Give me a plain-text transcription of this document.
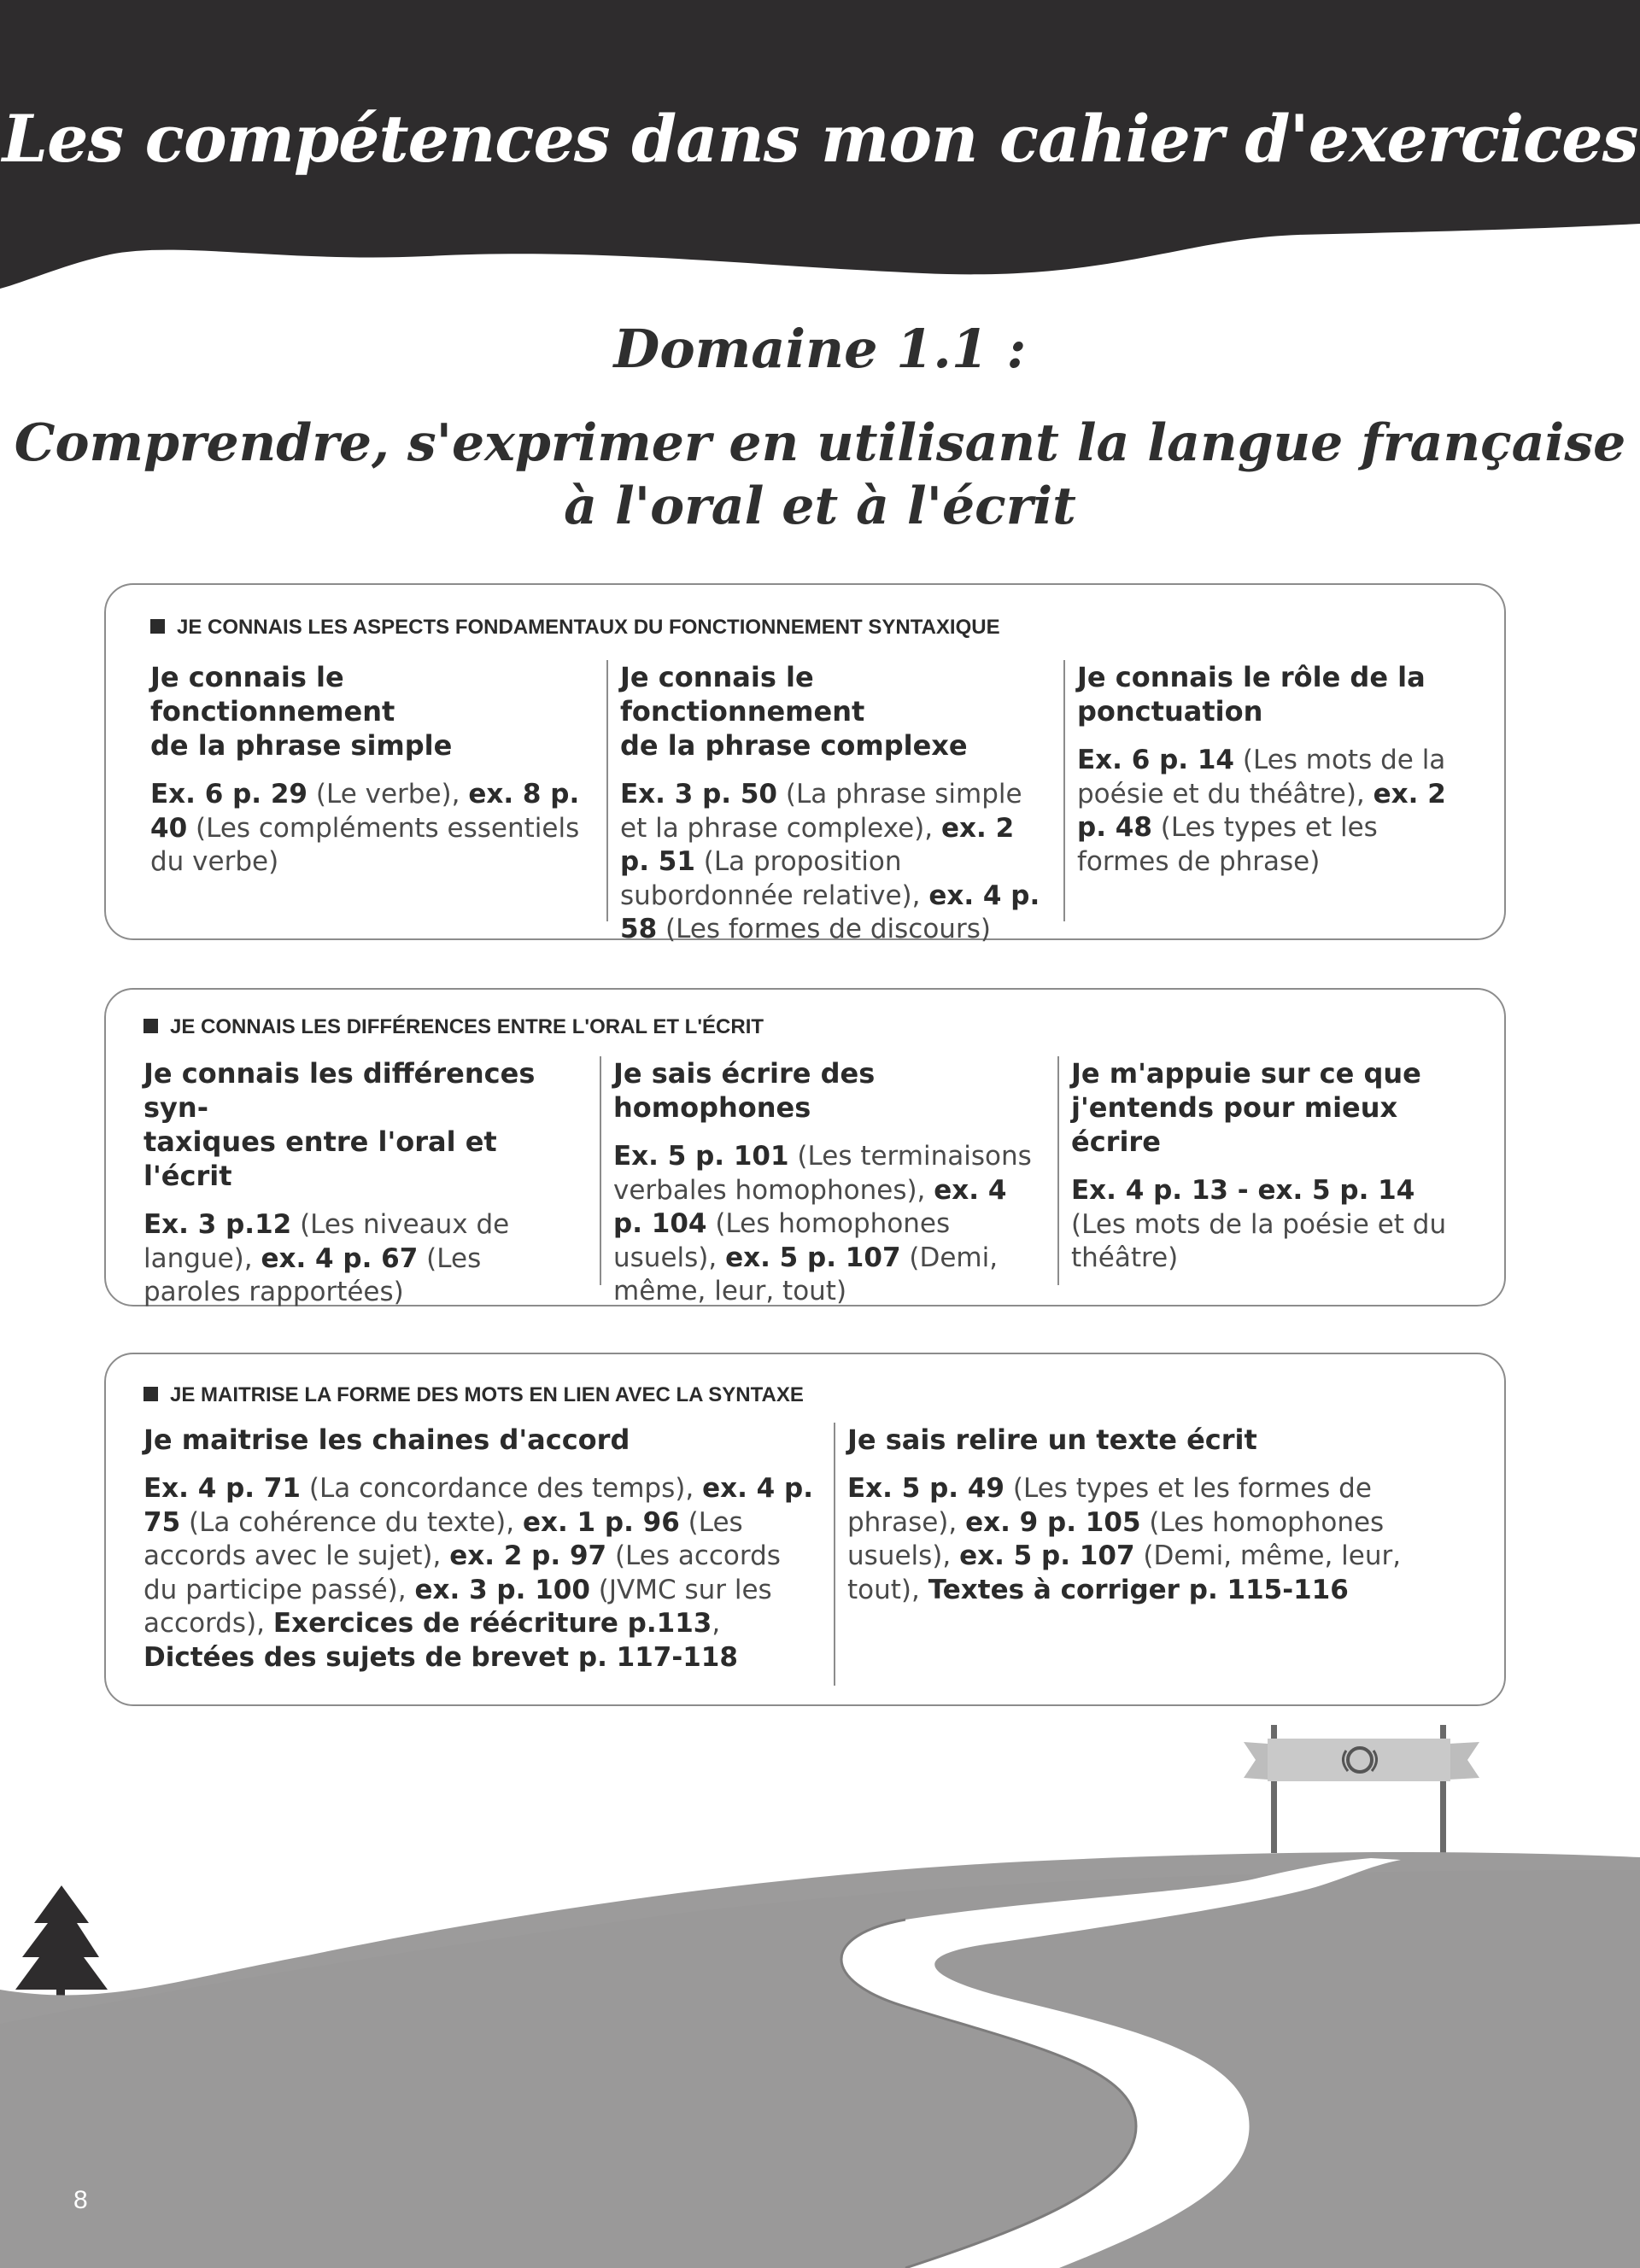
Les compétences dans mon cahier d'exercices
Domaine 1.1 :
Comprendre, s'exprimer en utilisant la langue française
à l'oral et à l'écrit
JE CONNAIS LES ASPECTS FONDAMENTAUX DU FONCTIONNEMENT SYNTAXIQUE

Je connais le fonctionnement
de la phrase simple

Ex. 6 p. 29 (Le verbe), ex. 8 p. 40 (Les compléments essentiels du verbe)

Je connais le fonctionnement
de la phrase complexe

Ex. 3 p. 50 (La phrase simple et la phrase complexe), ex. 2 p. 51 (La proposition subordonnée relative), ex. 4 p. 58 (Les formes de discours)

Je connais le rôle de la
ponctuation

Ex. 6 p. 14 (Les mots de la poésie et du théâtre), ex. 2 p. 48 (Les types et les formes de phrase)

JE CONNAIS LES DIFFÉRENCES ENTRE L'ORAL ET L'ÉCRIT

Je connais les différences syn-
taxiques entre l'oral et l'écrit

Ex. 3 p.12 (Les niveaux de langue), ex. 4 p. 67 (Les paroles rapportées)

Je sais écrire des homophones

Ex. 5 p. 101 (Les terminaisons verbales homophones), ex. 4 p. 104 (Les homophones usuels), ex. 5 p. 107 (Demi, même, leur, tout)

Je m'appuie sur ce que
j'entends pour mieux écrire

Ex. 4 p. 13 - ex. 5 p. 14 (Les mots de la poésie et du théâtre)

JE MAITRISE LA FORME DES MOTS EN LIEN AVEC LA SYNTAXE

Je maitrise les chaines d'accord

Ex. 4 p. 71 (La concordance des temps), ex. 4 p. 75 (La cohérence du texte), ex. 1 p. 96 (Les accords avec le sujet), ex. 2 p. 97 (Les accords du participe passé), ex. 3 p. 100 (JVMC sur les accords), Exercices de réécriture p.113, Dictées des sujets de brevet p. 117-118

Je sais relire un texte écrit

Ex. 5 p. 49 (Les types et les formes de phrase), ex. 9 p. 105 (Les homophones usuels), ex. 5 p. 107 (Demi, même, leur, tout), Textes à corriger p. 115-116

8
